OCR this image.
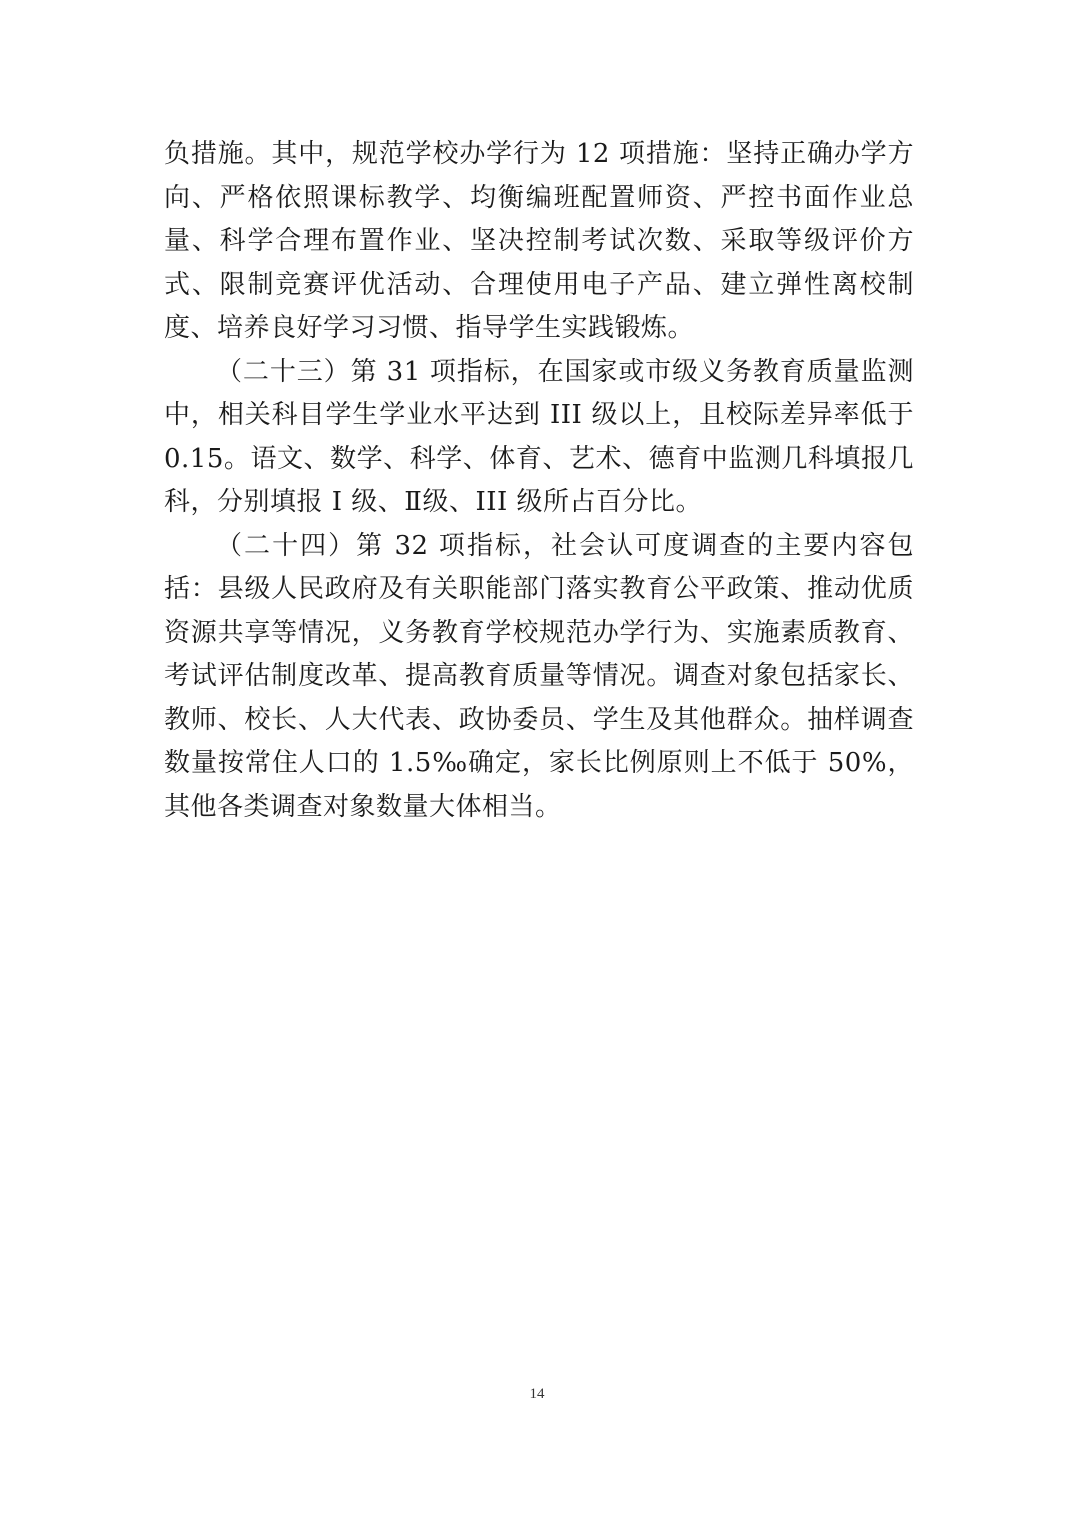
负措施。其中，规范学校办学行为 12 项措施：坚持正确办学方向、严格依照课标教学、均衡编班配置师资、严控书面作业总量、科学合理布置作业、坚决控制考试次数、采取等级评价方式、限制竞赛评优活动、合理使用电子产品、建立弹性离校制度、培养良好学习习惯、指导学生实践锻炼。

（二十三）第 31 项指标，在国家或市级义务教育质量监测中，相关科目学生学业水平达到 III 级以上，且校际差异率低于0.15。语文、数学、科学、体育、艺术、德育中监测几科填报几科，分别填报 I 级、Ⅱ级、III 级所占百分比。

（二十四）第 32 项指标，社会认可度调查的主要内容包括：县级人民政府及有关职能部门落实教育公平政策、推动优质资源共享等情况，义务教育学校规范办学行为、实施素质教育、考试评估制度改革、提高教育质量等情况。调查对象包括家长、教师、校长、人大代表、政协委员、学生及其他群众。抽样调查数量按常住人口的 1.5‰确定，家长比例原则上不低于 50%，其他各类调查对象数量大体相当。

14
